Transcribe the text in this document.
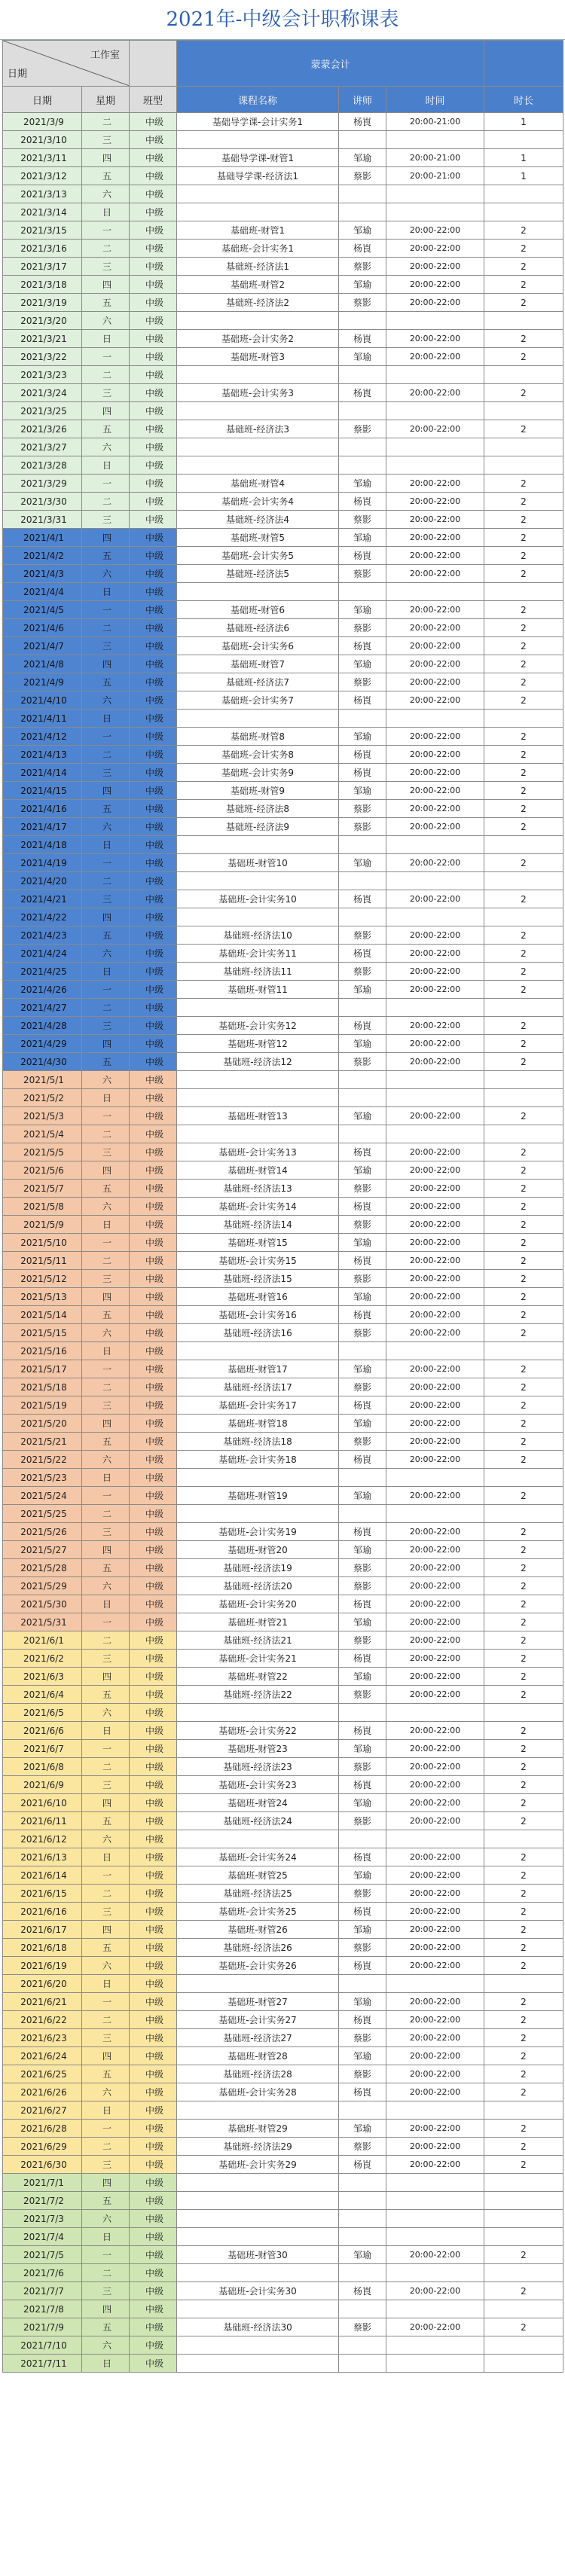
2021年-中级会计职称课表
工作室
日期			蒙蒙会计			
日期	星期	班型	课程名称	讲师	时间	时长
2021/3/9	二	中级	基础导学课-会计实务1	杨崀	20:00-21:00	1
2021/3/10	三	中级				
2021/3/11	四	中级	基础导学课-财管1	邹瑜	20:00-21:00	1
2021/3/12	五	中级	基础导学课-经济法1	蔡影	20:00-21:00	1
2021/3/13	六	中级				
2021/3/14	日	中级				
2021/3/15	一	中级	基础班-财管1	邹瑜	20:00-22:00	2
2021/3/16	二	中级	基础班-会计实务1	杨崀	20:00-22:00	2
2021/3/17	三	中级	基础班-经济法1	蔡影	20:00-22:00	2
2021/3/18	四	中级	基础班-财管2	邹瑜	20:00-22:00	2
2021/3/19	五	中级	基础班-经济法2	蔡影	20:00-22:00	2
2021/3/20	六	中级				
2021/3/21	日	中级	基础班-会计实务2	杨崀	20:00-22:00	2
2021/3/22	一	中级	基础班-财管3	邹瑜	20:00-22:00	2
2021/3/23	二	中级				
2021/3/24	三	中级	基础班-会计实务3	杨崀	20:00-22:00	2
2021/3/25	四	中级				
2021/3/26	五	中级	基础班-经济法3	蔡影	20:00-22:00	2
2021/3/27	六	中级				
2021/3/28	日	中级				
2021/3/29	一	中级	基础班-财管4	邹瑜	20:00-22:00	2
2021/3/30	二	中级	基础班-会计实务4	杨崀	20:00-22:00	2
2021/3/31	三	中级	基础班-经济法4	蔡影	20:00-22:00	2
2021/4/1	四	中级	基础班-财管5	邹瑜	20:00-22:00	2
2021/4/2	五	中级	基础班-会计实务5	杨崀	20:00-22:00	2
2021/4/3	六	中级	基础班-经济法5	蔡影	20:00-22:00	2
2021/4/4	日	中级				
2021/4/5	一	中级	基础班-财管6	邹瑜	20:00-22:00	2
2021/4/6	二	中级	基础班-经济法6	蔡影	20:00-22:00	2
2021/4/7	三	中级	基础班-会计实务6	杨崀	20:00-22:00	2
2021/4/8	四	中级	基础班-财管7	邹瑜	20:00-22:00	2
2021/4/9	五	中级	基础班-经济法7	蔡影	20:00-22:00	2
2021/4/10	六	中级	基础班-会计实务7	杨崀	20:00-22:00	2
2021/4/11	日	中级				
2021/4/12	一	中级	基础班-财管8	邹瑜	20:00-22:00	2
2021/4/13	二	中级	基础班-会计实务8	杨崀	20:00-22:00	2
2021/4/14	三	中级	基础班-会计实务9	杨崀	20:00-22:00	2
2021/4/15	四	中级	基础班-财管9	邹瑜	20:00-22:00	2
2021/4/16	五	中级	基础班-经济法8	蔡影	20:00-22:00	2
2021/4/17	六	中级	基础班-经济法9	蔡影	20:00-22:00	2
2021/4/18	日	中级				
2021/4/19	一	中级	基础班-财管10	邹瑜	20:00-22:00	2
2021/4/20	二	中级				
2021/4/21	三	中级	基础班-会计实务10	杨崀	20:00-22:00	2
2021/4/22	四	中级				
2021/4/23	五	中级	基础班-经济法10	蔡影	20:00-22:00	2
2021/4/24	六	中级	基础班-会计实务11	杨崀	20:00-22:00	2
2021/4/25	日	中级	基础班-经济法11	蔡影	20:00-22:00	2
2021/4/26	一	中级	基础班-财管11	邹瑜	20:00-22:00	2
2021/4/27	二	中级				
2021/4/28	三	中级	基础班-会计实务12	杨崀	20:00-22:00	2
2021/4/29	四	中级	基础班-财管12	邹瑜	20:00-22:00	2
2021/4/30	五	中级	基础班-经济法12	蔡影	20:00-22:00	2
2021/5/1	六	中级				
2021/5/2	日	中级				
2021/5/3	一	中级	基础班-财管13	邹瑜	20:00-22:00	2
2021/5/4	二	中级				
2021/5/5	三	中级	基础班-会计实务13	杨崀	20:00-22:00	2
2021/5/6	四	中级	基础班-财管14	邹瑜	20:00-22:00	2
2021/5/7	五	中级	基础班-经济法13	蔡影	20:00-22:00	2
2021/5/8	六	中级	基础班-会计实务14	杨崀	20:00-22:00	2
2021/5/9	日	中级	基础班-经济法14	蔡影	20:00-22:00	2
2021/5/10	一	中级	基础班-财管15	邹瑜	20:00-22:00	2
2021/5/11	二	中级	基础班-会计实务15	杨崀	20:00-22:00	2
2021/5/12	三	中级	基础班-经济法15	蔡影	20:00-22:00	2
2021/5/13	四	中级	基础班-财管16	邹瑜	20:00-22:00	2
2021/5/14	五	中级	基础班-会计实务16	杨崀	20:00-22:00	2
2021/5/15	六	中级	基础班-经济法16	蔡影	20:00-22:00	2
2021/5/16	日	中级				
2021/5/17	一	中级	基础班-财管17	邹瑜	20:00-22:00	2
2021/5/18	二	中级	基础班-经济法17	蔡影	20:00-22:00	2
2021/5/19	三	中级	基础班-会计实务17	杨崀	20:00-22:00	2
2021/5/20	四	中级	基础班-财管18	邹瑜	20:00-22:00	2
2021/5/21	五	中级	基础班-经济法18	蔡影	20:00-22:00	2
2021/5/22	六	中级	基础班-会计实务18	杨崀	20:00-22:00	2
2021/5/23	日	中级				
2021/5/24	一	中级	基础班-财管19	邹瑜	20:00-22:00	2
2021/5/25	二	中级				
2021/5/26	三	中级	基础班-会计实务19	杨崀	20:00-22:00	2
2021/5/27	四	中级	基础班-财管20	邹瑜	20:00-22:00	2
2021/5/28	五	中级	基础班-经济法19	蔡影	20:00-22:00	2
2021/5/29	六	中级	基础班-经济法20	蔡影	20:00-22:00	2
2021/5/30	日	中级	基础班-会计实务20	杨崀	20:00-22:00	2
2021/5/31	一	中级	基础班-财管21	邹瑜	20:00-22:00	2
2021/6/1	二	中级	基础班-经济法21	蔡影	20:00-22:00	2
2021/6/2	三	中级	基础班-会计实务21	杨崀	20:00-22:00	2
2021/6/3	四	中级	基础班-财管22	邹瑜	20:00-22:00	2
2021/6/4	五	中级	基础班-经济法22	蔡影	20:00-22:00	2
2021/6/5	六	中级				
2021/6/6	日	中级	基础班-会计实务22	杨崀	20:00-22:00	2
2021/6/7	一	中级	基础班-财管23	邹瑜	20:00-22:00	2
2021/6/8	二	中级	基础班-经济法23	蔡影	20:00-22:00	2
2021/6/9	三	中级	基础班-会计实务23	杨崀	20:00-22:00	2
2021/6/10	四	中级	基础班-财管24	邹瑜	20:00-22:00	2
2021/6/11	五	中级	基础班-经济法24	蔡影	20:00-22:00	2
2021/6/12	六	中级				
2021/6/13	日	中级	基础班-会计实务24	杨崀	20:00-22:00	2
2021/6/14	一	中级	基础班-财管25	邹瑜	20:00-22:00	2
2021/6/15	二	中级	基础班-经济法25	蔡影	20:00-22:00	2
2021/6/16	三	中级	基础班-会计实务25	杨崀	20:00-22:00	2
2021/6/17	四	中级	基础班-财管26	邹瑜	20:00-22:00	2
2021/6/18	五	中级	基础班-经济法26	蔡影	20:00-22:00	2
2021/6/19	六	中级	基础班-会计实务26	杨崀	20:00-22:00	2
2021/6/20	日	中级				
2021/6/21	一	中级	基础班-财管27	邹瑜	20:00-22:00	2
2021/6/22	二	中级	基础班-会计实务27	杨崀	20:00-22:00	2
2021/6/23	三	中级	基础班-经济法27	蔡影	20:00-22:00	2
2021/6/24	四	中级	基础班-财管28	邹瑜	20:00-22:00	2
2021/6/25	五	中级	基础班-经济法28	蔡影	20:00-22:00	2
2021/6/26	六	中级	基础班-会计实务28	杨崀	20:00-22:00	2
2021/6/27	日	中级				
2021/6/28	一	中级	基础班-财管29	邹瑜	20:00-22:00	2
2021/6/29	二	中级	基础班-经济法29	蔡影	20:00-22:00	2
2021/6/30	三	中级	基础班-会计实务29	杨崀	20:00-22:00	2
2021/7/1	四	中级				
2021/7/2	五	中级				
2021/7/3	六	中级				
2021/7/4	日	中级				
2021/7/5	一	中级	基础班-财管30	邹瑜	20:00-22:00	2
2021/7/6	二	中级				
2021/7/7	三	中级	基础班-会计实务30	杨崀	20:00-22:00	2
2021/7/8	四	中级				
2021/7/9	五	中级	基础班-经济法30	蔡影	20:00-22:00	2
2021/7/10	六	中级				
2021/7/11	日	中级				
